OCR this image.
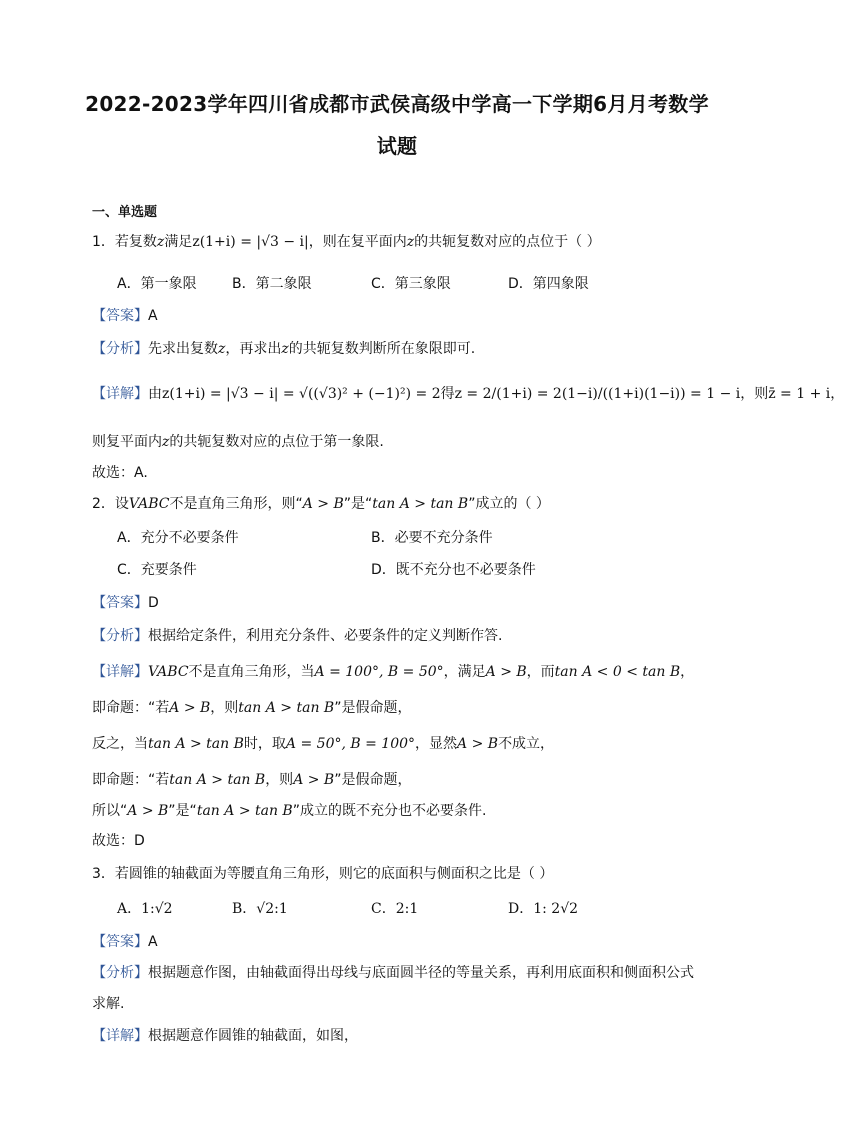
2022-2023学年四川省成都市武侯高级中学高一下学期6月月考数学
试题
一、单选题
1．若复数z满足z(1+i) = |√3 − i|，则在复平面内z的共轭复数对应的点位于（ ）
A．第一象限	B．第二象限	C．第三象限	D．第四象限
【答案】A
【分析】先求出复数z，再求出z的共轭复数判断所在象限即可.
【详解】由z(1+i) = |√3 − i| = √((√3)² + (−1)²) = 2得z = 2/(1+i) = 2(1−i)/((1+i)(1−i)) = 1 − i，则z̄ = 1 + i，
则复平面内z的共轭复数对应的点位于第一象限.
故选：A.
2．设VABC不是直角三角形，则“A > B”是“tan A > tan B”成立的（ ）
A．充分不必要条件	B．必要不充分条件
C．充要条件	D．既不充分也不必要条件
【答案】D
【分析】根据给定条件，利用充分条件、必要条件的定义判断作答.
【详解】VABC不是直角三角形，当A = 100°, B = 50°，满足A > B，而tan A < 0 < tan B，
即命题：“若A > B，则tan A > tan B”是假命题，
反之，当tan A > tan B时，取A = 50°, B = 100°，显然A > B不成立，
即命题：“若tan A > tan B，则A > B”是假命题，
所以“A > B”是“tan A > tan B”成立的既不充分也不必要条件.
故选：D
3．若圆锥的轴截面为等腰直角三角形，则它的底面积与侧面积之比是（ ）
A．1:√2	B．√2:1	C．2:1	D．1: 2√2
【答案】A
【分析】根据题意作图，由轴截面得出母线与底面圆半径的等量关系，再利用底面积和侧面积公式
求解.
【详解】根据题意作圆锥的轴截面，如图，
